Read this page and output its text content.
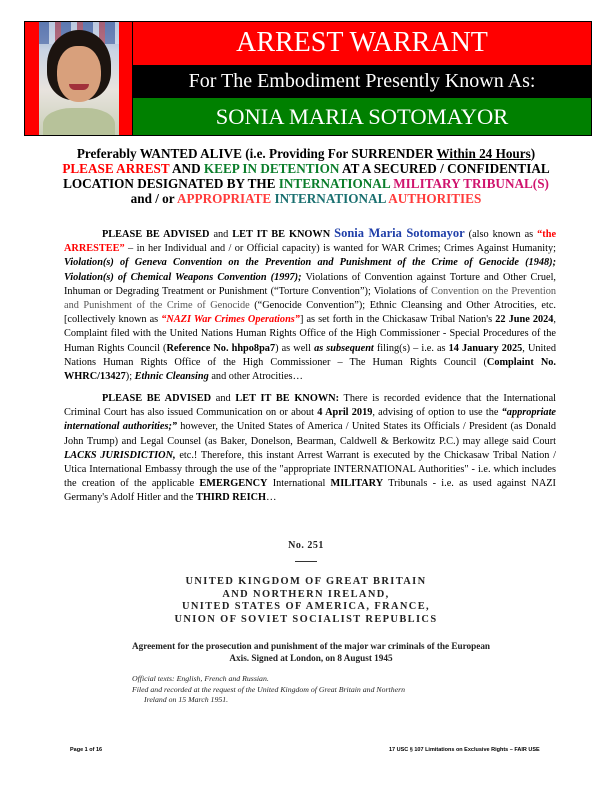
ARREST WARRANT
For The Embodiment Presently Known As:
SONIA MARIA SOTOMAYOR
Preferably WANTED ALIVE (i.e. Providing For SURRENDER Within 24 Hours)
PLEASE ARREST AND KEEP IN DETENTION AT A SECURED / CONFIDENTIAL
LOCATION DESIGNATED BY THE INTERNATIONAL MILITARY TRIBUNAL(S)
and / or APPROPRIATE INTERNATIONAL AUTHORITIES
PLEASE BE ADVISED and LET IT BE KNOWN Sonia Maria Sotomayor (also known as “the ARRESTEE” – in her Individual and / or Official capacity) is wanted for WAR Crimes; Crimes Against Humanity; Violation(s) of Geneva Convention on the Prevention and Punishment of the Crime of Genocide (1948); Violation(s) of Chemical Weapons Convention (1997); Violations of Convention against Torture and Other Cruel, Inhuman or Degrading Treatment or Punishment (“Torture Convention”); Violations of Convention on the Prevention and Punishment of the Crime of Genocide (“Genocide Convention”); Ethnic Cleansing and Other Atrocities, etc. [collectively known as “NAZI War Crimes Operations”] as set forth in the Chickasaw Tribal Nation's 22 June 2024, Complaint filed with the United Nations Human Rights Office of the High Commissioner - Special Procedures of the Human Rights Council (Reference No. hhpo8pa7) as well as subsequent filing(s) – i.e. as 14 January 2025, United Nations Human Rights Office of the High Commissioner – The Human Rights Council (Complaint No. WHRC/13427); Ethnic Cleansing and other Atrocities…
PLEASE BE ADVISED and LET IT BE KNOWN: There is recorded evidence that the International Criminal Court has also issued Communication on or about 4 April 2019, advising of option to use the “appropriate international authorities;” however, the United States of America / United States its Officials / President (as Donald John Trump) and Legal Counsel (as Baker, Donelson, Bearman, Caldwell & Berkowitz P.C.) may allege said Court LACKS JURISDICTION, etc.! Therefore, this instant Arrest Warrant is executed by the Chickasaw Tribal Nation / Utica International Embassy through the use of the "appropriate INTERNATIONAL Authorities" - i.e. which includes the creation of the applicable EMERGENCY International MILITARY Tribunals - i.e. as used against NAZI Germany's Adolf Hitler and the THIRD REICH…
No. 251
UNITED KINGDOM OF GREAT BRITAIN
AND NORTHERN IRELAND,
UNITED STATES OF AMERICA, FRANCE,
UNION OF SOVIET SOCIALIST REPUBLICS
Agreement for the prosecution and punishment of the major war criminals of the European Axis. Signed at London, on 8 August 1945
Official texts: English, French and Russian.
Filed and recorded at the request of the United Kingdom of Great Britain and Northern
Ireland on 15 March 1951.
Page 1 of 16	17 USC § 107 Limitations on Exclusive Rights – FAIR USE
